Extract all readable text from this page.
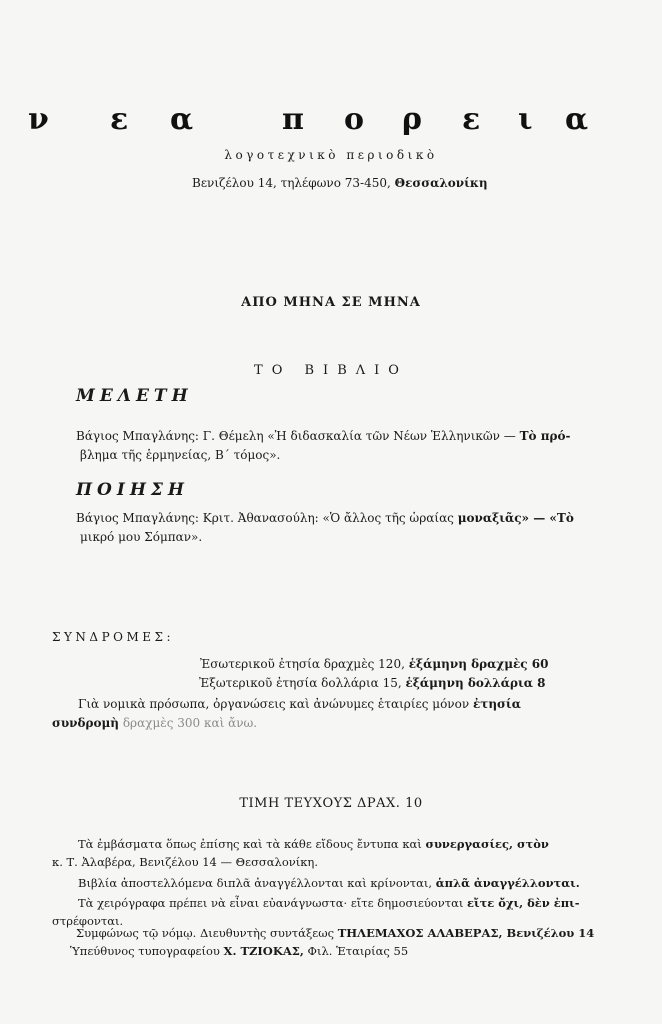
ν ε α	π ο ρ ε ι α
λογοτεχνικὸ περιοδικὸ
Βενιζέλου 14, τηλέφωνο 73-450, Θεσσαλονίκη
ΑΠΟ ΜΗΝΑ ΣΕ ΜΗΝΑ
ΤΟ ΒΙΒΛΙΟ
ΜΕΛΕΤΗ
Βάγιος Μπαγλάνης: Γ. Θέμελη «Ἡ διδασκαλία τῶν Νέων Ἑλληνικῶν — Τὸ πρό-
βλημα τῆς ἑρμηνείας, Β΄ τόμος».
ΠΟΙΗΣΗ
Βάγιος Μπαγλάνης: Κριτ. Ἀθανασούλη: «Ὁ ἄλλος τῆς ὡραίας μοναξιᾶς» — «Τὸ
μικρό μου Σόμπαν».
ΣΥΝΔΡΟΜΕΣ:
Ἐσωτερικοῦ ἐτησία δραχμὲς 120, ἑξάμηνη δραχμὲς 60
Ἐξωτερικοῦ ἐτησία δολλάρια 15, ἑξάμηνη δολλάρια 8
Γιὰ νομικὰ πρόσωπα, ὀργανώσεις καὶ ἀνώνυμες ἑταιρίες μόνον ἐτησία συνδρομὴ δραχμὲς 300 καὶ ἄνω.
ΤΙΜΗ ΤΕΥΧΟΥΣ ΔΡΑΧ. 10
Τὰ ἐμβάσματα ὅπως ἐπίσης καὶ τὰ κάθε εἴδους ἔντυπα καὶ συνεργασίες, στὸν
κ. Τ. Ἀλαβέρα, Βενιζέλου 14 — Θεσσαλονίκη.
Βιβλία ἀποστελλόμενα διπλᾶ ἀναγγέλλονται καὶ κρίνονται, ἁπλᾶ ἀναγγέλλονται.
Τὰ χειρόγραφα πρέπει νὰ εἶναι εὐανάγνωστα· εἴτε δημοσιεύονται εἴτε ὄχι, δὲν ἐπι-
στρέφονται.
Συμφώνως τῷ νόμῳ. Διευθυντὴς συντάξεως ΤΗΛΕΜΑΧΟΣ ΑΛΑΒΕΡΑΣ, Βενιζέλου 14
Ὑπεύθυνος τυπογραφείου Χ. ΤΖΙΟΚΑΣ, Φιλ. Ἑταιρίας 55
